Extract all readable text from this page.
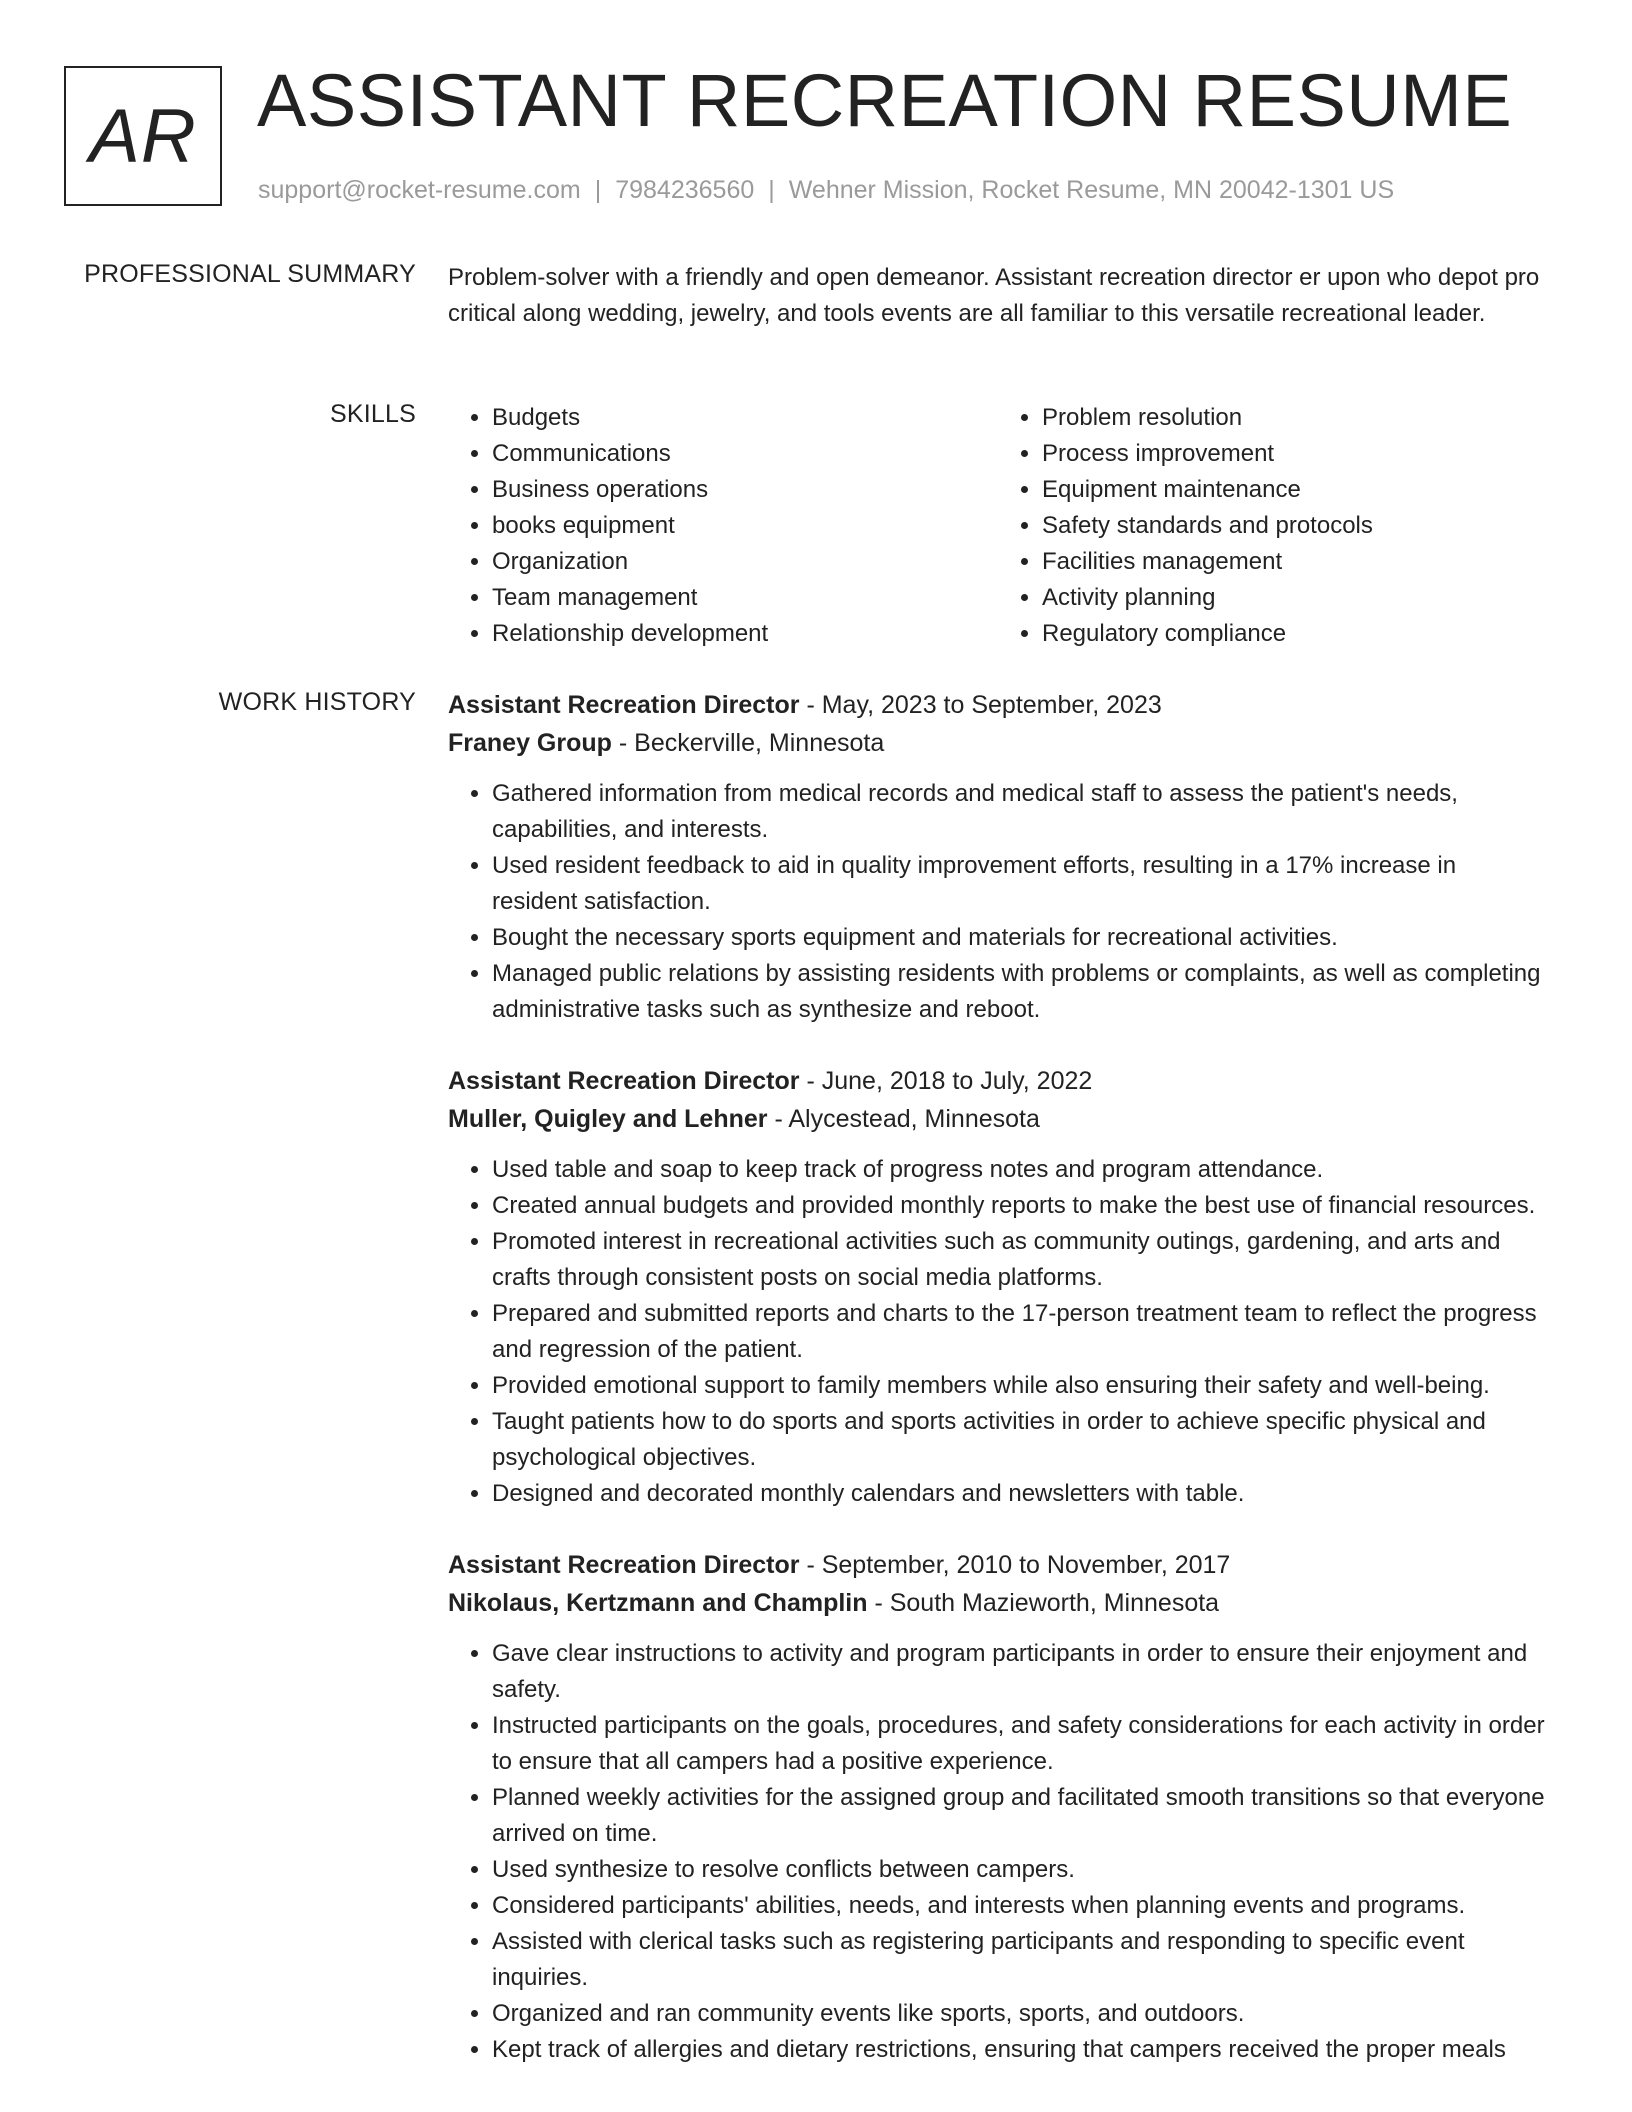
AR ASSISTANT RECREATION RESUME
support@rocket-resume.com | 7984236560 | Wehner Mission, Rocket Resume, MN 20042-1301 US
PROFESSIONAL SUMMARY Problem-solver with a friendly and open demeanor. Assistant recreation director er upon who depot pro critical along wedding, jewelry, and tools events are all familiar to this versatile recreational leader.
SKILLS
•	Budgets
• Communications
• Business operations
• books equipment
• Organization
• Team management
• Relationship development
• Problem resolution
• Process improvement
• Equipment maintenance
• Safety standards and protocols
• Facilities management
• Activity planning
• Regulatory compliance
WORK HISTORY Assistant Recreation Director - May, 2023 to September, 2023
Franey Group - Beckerville, Minnesota
• Gathered information from medical records and medical staff to assess the patient's needs, capabilities, and interests.
• Used resident feedback to aid in quality improvement efforts, resulting in a 17% increase in resident satisfaction.
• Bought the necessary sports equipment and materials for recreational activities.
• Managed public relations by assisting residents with problems or complaints, as well as completing administrative tasks such as synthesize and reboot.
Assistant Recreation Director - June, 2018 to July, 2022
Muller, Quigley and Lehner - Alycestead, Minnesota
• Used table and soap to keep track of progress notes and program attendance.
• Created annual budgets and provided monthly reports to make the best use of financial resources.
• Promoted interest in recreational activities such as community outings, gardening, and arts and crafts through consistent posts on social media platforms.
• Prepared and submitted reports and charts to the 17-person treatment team to reflect the progress and regression of the patient.
• Provided emotional support to family members while also ensuring their safety and well-being.
• Taught patients how to do sports and sports activities in order to achieve specific physical and psychological objectives.
• Designed and decorated monthly calendars and newsletters with table.
Assistant Recreation Director - September, 2010 to November, 2017
Nikolaus, Kertzmann and Champlin - South Mazieworth, Minnesota
• Gave clear instructions to activity and program participants in order to ensure their enjoyment and safety.
• Instructed participants on the goals, procedures, and safety considerations for each activity in order to ensure that all campers had a positive experience.
• Planned weekly activities for the assigned group and facilitated smooth transitions so that everyone arrived on time.
• Used synthesize to resolve conflicts between campers.
• Considered participants' abilities, needs, and interests when planning events and programs.
• Assisted with clerical tasks such as registering participants and responding to specific event inquiries.
• Organized and ran community events like sports, sports, and outdoors.
• Kept track of allergies and dietary restrictions, ensuring that campers received the proper meals
